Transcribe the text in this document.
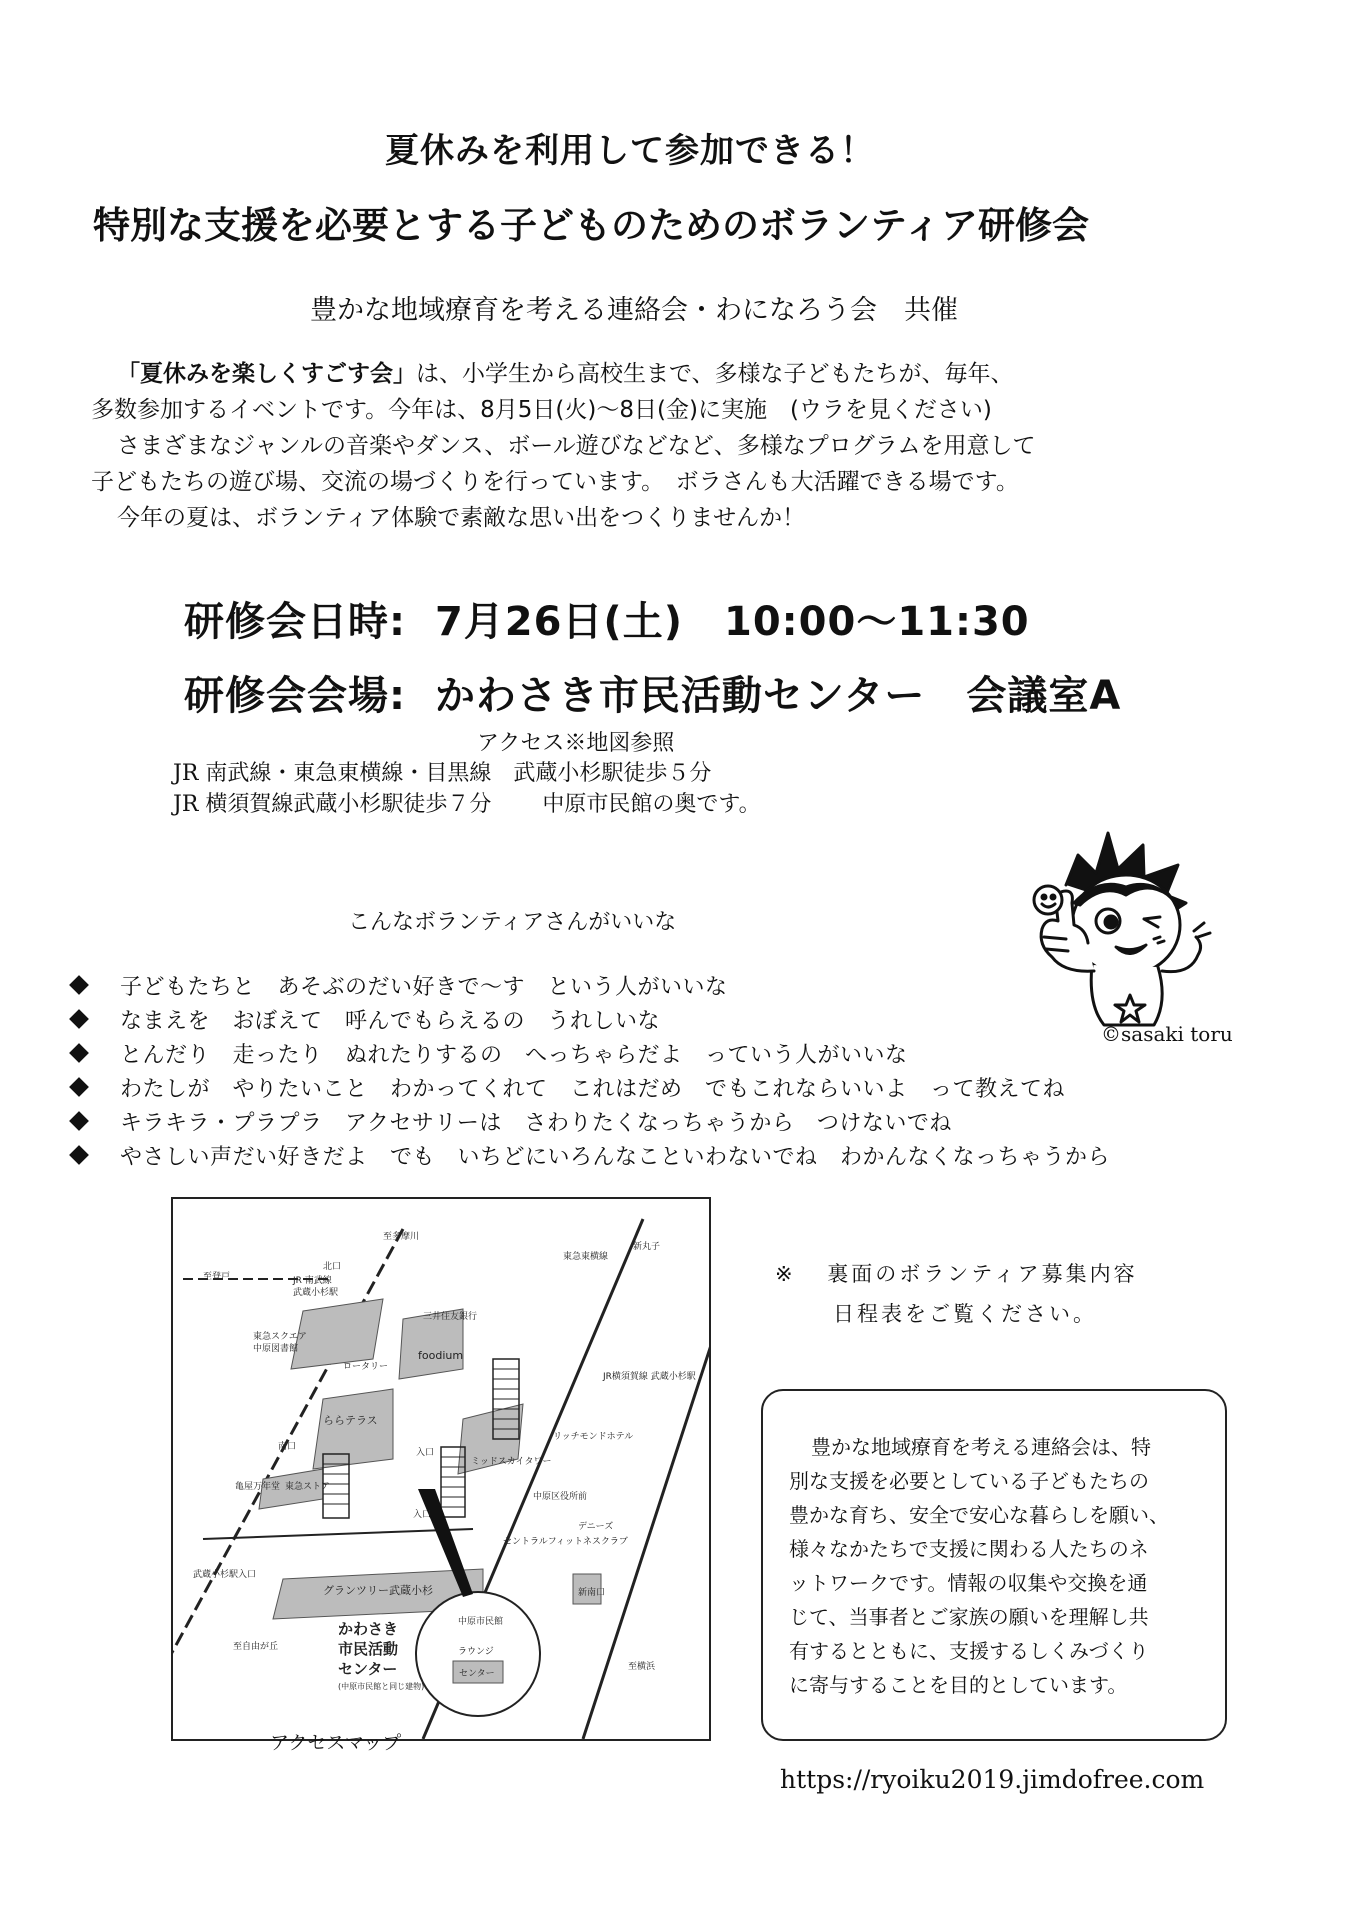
夏休みを利用して参加できる！
特別な支援を必要とする子どものためのボランティア研修会
豊かな地域療育を考える連絡会・わになろう会　共催
「夏休みを楽しくすごす会」は、小学生から高校生まで、多様な子どもたちが、毎年、
多数参加するイベントです。今年は、8月5日(火)～8日(金)に実施　(ウラを見ください)
さまざまなジャンルの音楽やダンス、ボール遊びなどなど、多様なプログラムを用意して
子どもたちの遊び場、交流の場づくりを行っています。　ボラさんも大活躍できる場です。
今年の夏は、ボランティア体験で素敵な思い出をつくりませんか！
研修会日時: 7月26日(土)　10:00～11:30
研修会会場: かわさき市民活動センター　会議室A
アクセス※地図参照
JR 南武線・東急東横線・目黒線　武蔵小杉駅徒歩５分
JR 横須賀線武蔵小杉駅徒歩７分　　 中原市民館の奥です。
©sasaki toru
こんなボランティアさんがいいな
子どもたちと　あそぶのだい好きで～す　という人がいいな
なまえを　おぼえて　呼んでもらえるの　うれしいな
とんだり　走ったり　ぬれたりするの　へっちゃらだよ　っていう人がいいな
わたしが　やりたいこと　わかってくれて　これはだめ　でもこれならいいよ　って教えてね
キラキラ・プラプラ　アクセサリーは　さわりたくなっちゃうから　つけないでね
やさしい声だい好きだよ　でも　いちどにいろんなこといわないでね　わかんなくなっちゃうから
北口
JR 南武線
武蔵小杉駅
三井住友銀行
東急スクエア
中原図書館
ロータリー
foodium
ららテラス
南口
東急ストア
亀屋万年堂
ミッドスカイタワー
リッチモンドホテル
中原区役所前
入口
入口
セントラルフィットネスクラブ
デニーズ
グランツリー武蔵小杉
武蔵小杉駅入口
中原市民館
ラウンジ
センター
かわさき
市民活動
センター
(中原市民館と同じ建物)
新南口
東急東横線
JR横須賀線 武蔵小杉駅
新丸子
至多摩川
至自由が丘
至横浜
至登戸
アクセスマップ
※ 裏面のボランティア募集内容
日程表をご覧ください。
豊かな地域療育を考える連絡会は、特
別な支援を必要としている子どもたちの
豊かな育ち、安全で安心な暮らしを願い、
様々なかたちで支援に関わる人たちのネ
ットワークです。情報の収集や交換を通
じて、当事者とご家族の願いを理解し共
有するとともに、支援するしくみづくり
に寄与することを目的としています。
https://ryoiku2019.jimdofree.com
